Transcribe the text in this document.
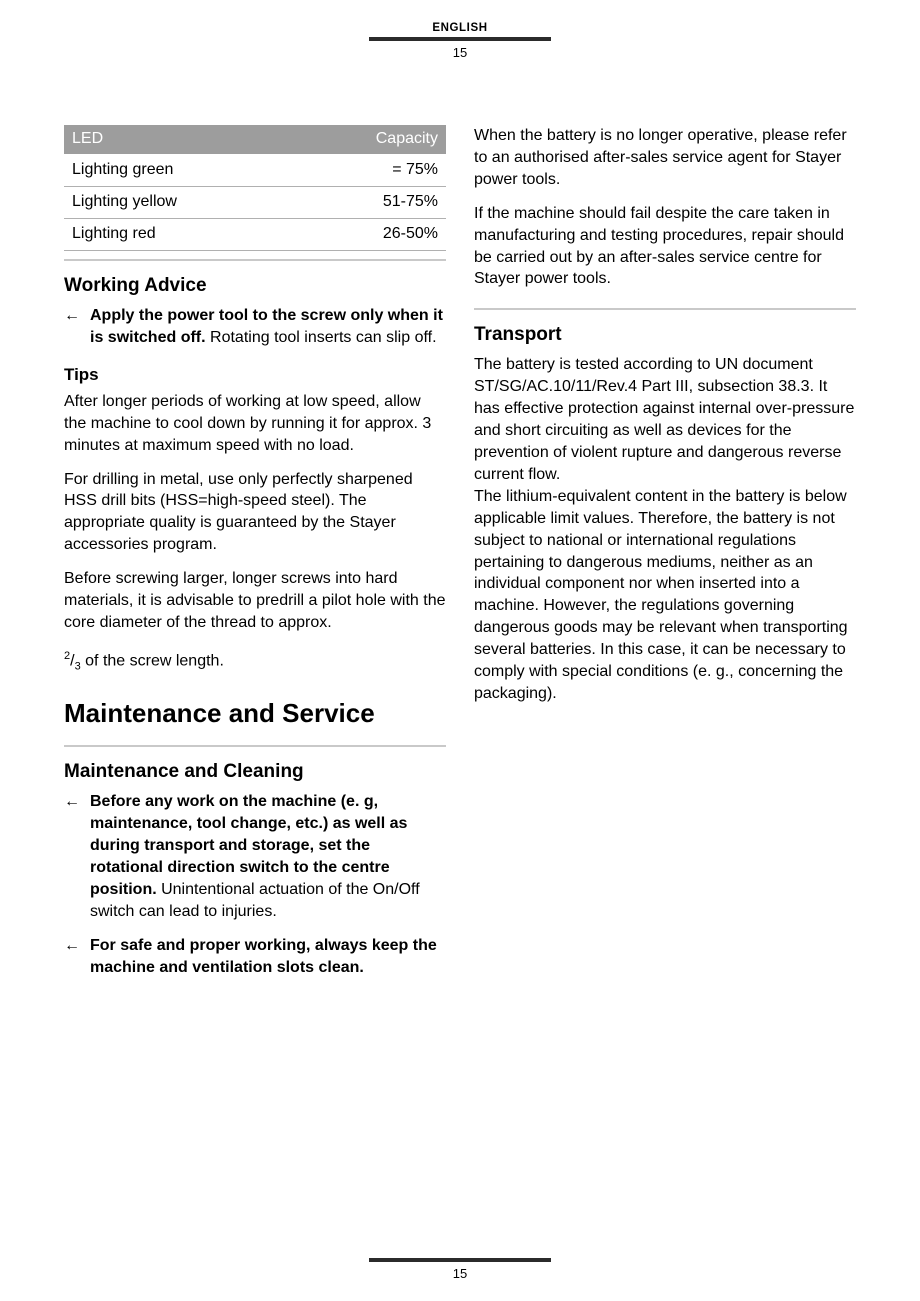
ENGLISH
15
LED	Capacity
Lighting green	= 75%
Lighting yellow	51-75%
Lighting red	26-50%
Working Advice
← Apply the power tool to the screw only when it is switched off. Rotating tool inserts can slip off.
Tips

After longer periods of working at low speed, allow the machine to cool down by running it for approx. 3 minutes at maximum speed with no load.

For drilling in metal, use only perfectly sharpened HSS drill bits (HSS=high-speed steel). The appropriate quality is guaranteed by the Stayer accessories program.

Before screwing larger, longer screws into hard materials, it is advisable to predrill a pilot hole with the core diameter of the thread to approx.

$^2/_3$ of the screw length.

Maintenance and Service
Maintenance and Cleaning
← Before any work on the machine (e. g, maintenance, tool change, etc.) as well as during transport and storage, set the rotational direction switch to the centre position. Unintentional actuation of the On/Off switch can lead to injuries.
← For safe and proper working, always keep the machine and ventilation slots clean.

When the battery is no longer operative, please refer to an authorised after-sales service agent for Stayer power tools.

If the machine should fail despite the care taken in manufacturing and testing procedures, repair should be carried out by an after-sales service centre for Stayer power tools.

Transport

The battery is tested according to UN document ST/SG/AC.10/11/Rev.4 Part III, subsection 38.3. It has effective protection against internal over-pressure and short circuiting as well as devices for the prevention of violent rupture and dangerous reverse current flow.

The lithium-equivalent content in the battery is below applicable limit values. Therefore, the battery is not subject to national or international regulations pertaining to dangerous mediums, neither as an individual component nor when inserted into a machine. However, the regulations governing dangerous goods may be relevant when transporting several batteries. In this case, it can be necessary to comply with special conditions (e. g., concerning the packaging).

15
